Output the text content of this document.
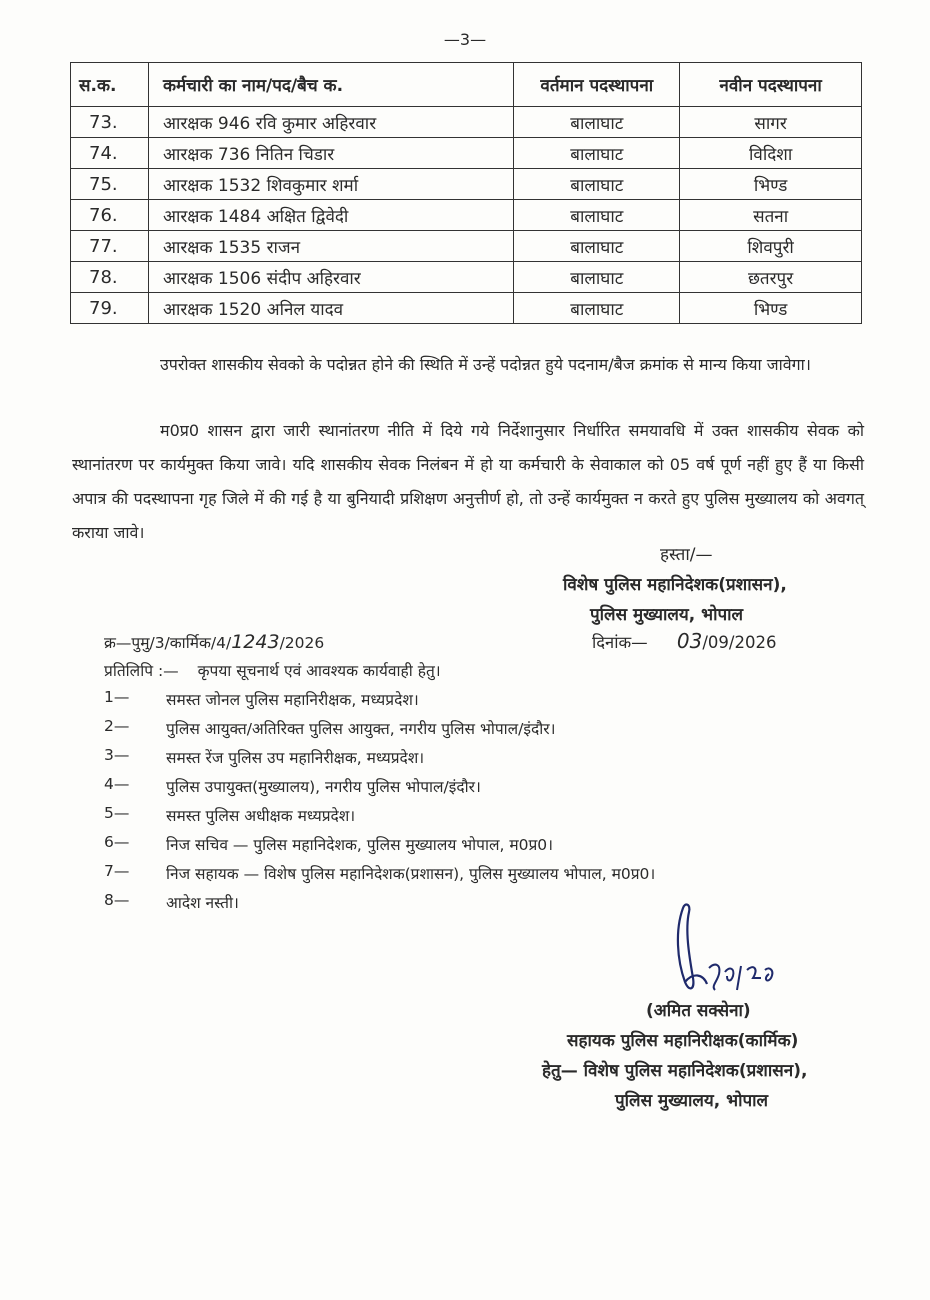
—3—
स.क.	कर्मचारी का नाम/पद/बैच क.	वर्तमान पदस्थापना	नवीन पदस्थापना
73.	आरक्षक 946 रवि कुमार अहिरवार	बालाघाट	सागर
74.	आरक्षक 736 नितिन चिडार	बालाघाट	विदिशा
75.	आरक्षक 1532 शिवकुमार शर्मा	बालाघाट	भिण्ड
76.	आरक्षक 1484 अक्षित द्विवेदी	बालाघाट	सतना
77.	आरक्षक 1535 राजन	बालाघाट	शिवपुरी
78.	आरक्षक 1506 संदीप अहिरवार	बालाघाट	छतरपुर
79.	आरक्षक 1520 अनिल यादव	बालाघाट	भिण्ड
उपरोक्त शासकीय सेवको के पदोन्नत होने की स्थिति में उन्हें पदोन्नत हुये पदनाम/बैज क्रमांक से मान्य किया जावेगा।
म0प्र0 शासन द्वारा जारी स्थानांतरण नीति में दिये गये निर्देशानुसार निर्धारित समयावधि में उक्त शासकीय सेवक को स्थानांतरण पर कार्यमुक्त किया जावे। यदि शासकीय सेवक निलंबन में हो या कर्मचारी के सेवाकाल को 05 वर्ष पूर्ण नहीं हुए हैं या किसी अपात्र की पदस्थापना गृह जिले में की गई है या बुनियादी प्रशिक्षण अनुत्तीर्ण हो, तो उन्हें कार्यमुक्त न करते हुए पुलिस मुख्यालय को अवगत् कराया जावे।
हस्ता/—
विशेष पुलिस महानिदेशक(प्रशासन),
पुलिस मुख्यालय, भोपाल
क्र—पुमु/3/कार्मिक/4/1243/2026	दिनांक— 03/09/2026
प्रतिलिपि :— कृपया सूचनार्थ एवं आवश्यक कार्यवाही हेतु।
1— समस्त जोनल पुलिस महानिरीक्षक, मध्यप्रदेश।
2— पुलिस आयुक्त/अतिरिक्त पुलिस आयुक्त, नगरीय पुलिस भोपाल/इंदौर।
3— समस्त रेंज पुलिस उप महानिरीक्षक, मध्यप्रदेश।
4— पुलिस उपायुक्त(मुख्यालय), नगरीय पुलिस भोपाल/इंदौर।
5— समस्त पुलिस अधीक्षक मध्यप्रदेश।
6— निज सचिव — पुलिस महानिदेशक, पुलिस मुख्यालय भोपाल, म0प्र0।
7— निज सहायक — विशेष पुलिस महानिदेशक(प्रशासन), पुलिस मुख्यालय भोपाल, म0प्र0।
8— आदेश नस्ती।
(अमित सक्सेना)
सहायक पुलिस महानिरीक्षक(कार्मिक)
हेतु— विशेष पुलिस महानिदेशक(प्रशासन),
पुलिस मुख्यालय, भोपाल
